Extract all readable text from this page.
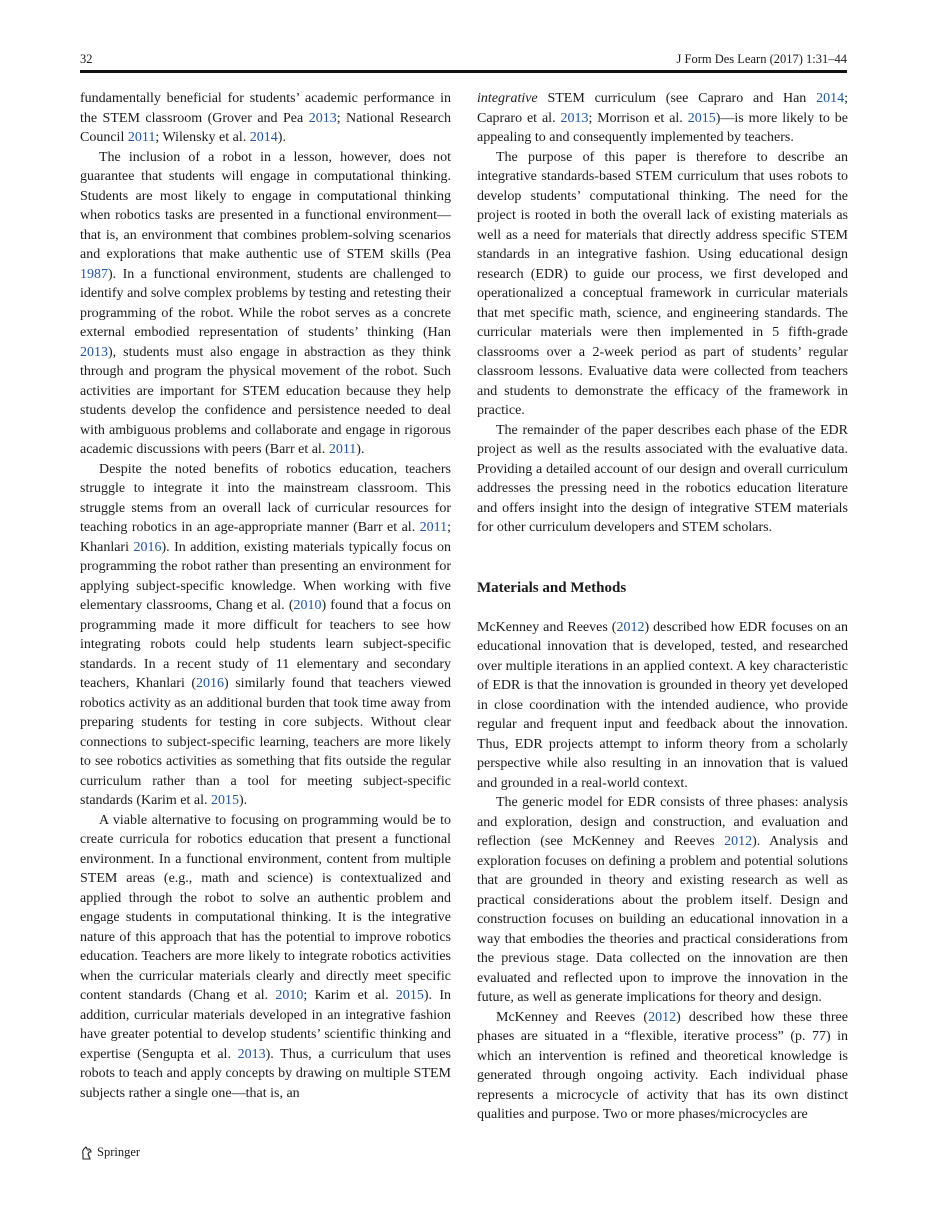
32	J Form Des Learn (2017) 1:31–44

fundamentally beneficial for students’ academic performance in the STEM classroom (Grover and Pea 2013; National Research Council 2011; Wilensky et al. 2014).

The inclusion of a robot in a lesson, however, does not guarantee that students will engage in computational thinking. Students are most likely to engage in computational thinking when robotics tasks are presented in a functional environment—that is, an environment that combines problem-solving scenarios and explorations that make authentic use of STEM skills (Pea 1987). In a functional environment, students are challenged to identify and solve complex problems by testing and retesting their programming of the robot. While the robot serves as a concrete external embodied representation of students’ thinking (Han 2013), students must also engage in abstraction as they think through and program the physical movement of the robot. Such activities are important for STEM education because they help students develop the confidence and persistence needed to deal with ambiguous problems and collaborate and engage in rigorous academic discussions with peers (Barr et al. 2011).

Despite the noted benefits of robotics education, teachers struggle to integrate it into the mainstream classroom. This struggle stems from an overall lack of curricular resources for teaching robotics in an age-appropriate manner (Barr et al. 2011; Khanlari 2016). In addition, existing materials typically focus on programming the robot rather than presenting an environment for applying subject-specific knowledge. When working with five elementary classrooms, Chang et al. (2010) found that a focus on programming made it more difficult for teachers to see how integrating robots could help students learn subject-specific standards. In a recent study of 11 elementary and secondary teachers, Khanlari (2016) similarly found that teachers viewed robotics activity as an additional burden that took time away from preparing students for testing in core subjects. Without clear connections to subject-specific learning, teachers are more likely to see robotics activities as something that fits outside the regular curriculum rather than a tool for meeting subject-specific standards (Karim et al. 2015).

A viable alternative to focusing on programming would be to create curricula for robotics education that present a functional environment. In a functional environment, content from multiple STEM areas (e.g., math and science) is contextualized and applied through the robot to solve an authentic problem and engage students in computational thinking. It is the integrative nature of this approach that has the potential to improve robotics education. Teachers are more likely to integrate robotics activities when the curricular materials clearly and directly meet specific content standards (Chang et al. 2010; Karim et al. 2015). In addition, curricular materials developed in an integrative fashion have greater potential to develop students’ scientific thinking and expertise (Sengupta et al. 2013). Thus, a curriculum that uses robots to teach and apply concepts by drawing on multiple STEM subjects rather a single one—that is, an

integrative STEM curriculum (see Capraro and Han 2014; Capraro et al. 2013; Morrison et al. 2015)—is more likely to be appealing to and consequently implemented by teachers.

The purpose of this paper is therefore to describe an integrative standards-based STEM curriculum that uses robots to develop students’ computational thinking. The need for the project is rooted in both the overall lack of existing materials as well as a need for materials that directly address specific STEM standards in an integrative fashion. Using educational design research (EDR) to guide our process, we first developed and operationalized a conceptual framework in curricular materials that met specific math, science, and engineering standards. The curricular materials were then implemented in 5 fifth-grade classrooms over a 2-week period as part of students’ regular classroom lessons. Evaluative data were collected from teachers and students to demonstrate the efficacy of the framework in practice.

The remainder of the paper describes each phase of the EDR project as well as the results associated with the evaluative data. Providing a detailed account of our design and overall curriculum addresses the pressing need in the robotics education literature and offers insight into the design of integrative STEM materials for other curriculum developers and STEM scholars.

Materials and Methods

McKenney and Reeves (2012) described how EDR focuses on an educational innovation that is developed, tested, and researched over multiple iterations in an applied context. A key characteristic of EDR is that the innovation is grounded in theory yet developed in close coordination with the intended audience, who provide regular and frequent input and feedback about the innovation. Thus, EDR projects attempt to inform theory from a scholarly perspective while also resulting in an innovation that is valued and grounded in a real-world context.

The generic model for EDR consists of three phases: analysis and exploration, design and construction, and evaluation and reflection (see McKenney and Reeves 2012). Analysis and exploration focuses on defining a problem and potential solutions that are grounded in theory and existing research as well as practical considerations about the problem itself. Design and construction focuses on building an educational innovation in a way that embodies the theories and practical considerations from the previous stage. Data collected on the innovation are then evaluated and reflected upon to improve the innovation in the future, as well as generate implications for theory and design.

McKenney and Reeves (2012) described how these three phases are situated in a “flexible, iterative process” (p. 77) in which an intervention is refined and theoretical knowledge is generated through ongoing activity. Each individual phase represents a microcycle of activity that has its own distinct qualities and purpose. Two or more phases/microcycles are

Springer
